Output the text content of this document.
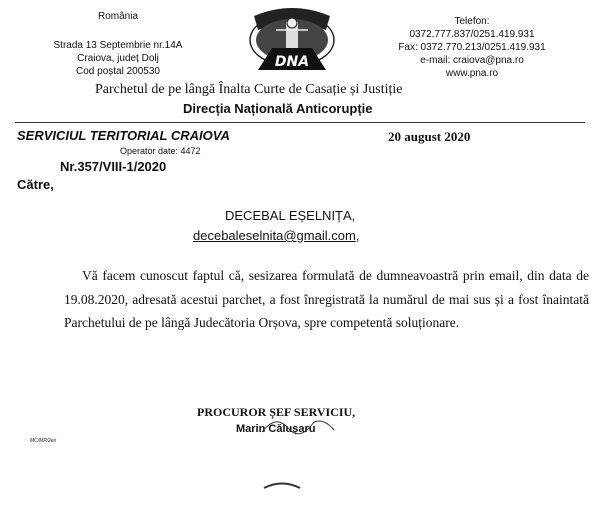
România
Strada 13 Septembrie nr.14A
Craiova, județ Dolj
Cod poștal 200530
DNA
Telefon:
0372.777.837/0251.419.931
Fax: 0372.770.213/0251.419.931
e-mail: craiova@pna.ro
www.pna.ro
Parchetul de pe lângă Înalta Curte de Casație și Justiție
Direcția Națională Anticorupție
SERVICIUL TERITORIAL CRAIOVA	20 august 2020
Operator date: 4472
Nr.357/VIII-1/2020
Către,
DECEBAL EȘELNIȚA,
decebaleselnita@gmail.com,
Vă facem cunoscut faptul că, sesizarea formulată de dumneavoastră prin email, din data de 19.08.2020, adresată acestui parchet, a fost înregistrată la numărul de mai sus și a fost înaintată Parchetului de pe lângă Judecătoria Orșova, spre competentă soluționare.
PROCUROR ȘEF SERVICIU,
Marin Călușaru
MC/MP/2ex
